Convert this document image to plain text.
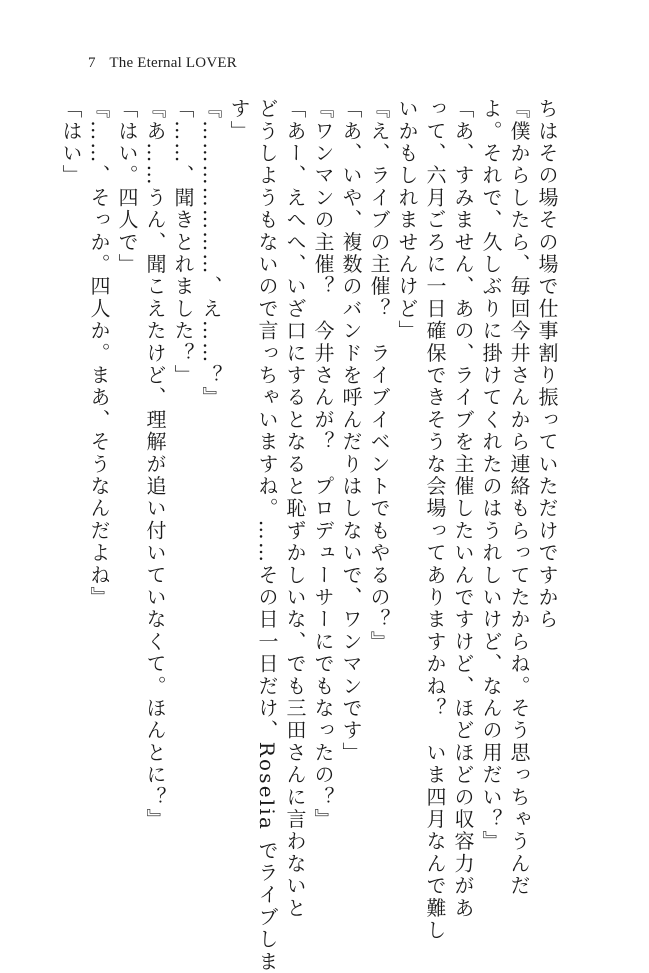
7 The Eternal LOVER

ちはその場その場で仕事割り振っていただけですから

『僕からしたら、毎回今井さんから連絡もらってたからね。そう思っちゃうんだ

よ。それで、久しぶりに掛けてくれたのはうれしいけど、なんの用だい？』

「あ、すみません、あの、ライブを主催したいんですけど、ほどほどの収容力があ

って、六月ごろに一日確保できそうな会場ってありますかね？　いま四月なんで難し

いかもしれませんけど」

『え、ライブの主催？　ライブイベントでもやるの？』

「あ、いや、複数のバンドを呼んだりはしないで、ワンマンです」

『ワンマンの主催？　今井さんが？　プロデューサーにでもなったの？』

「あー、えへへ、いざ口にするとなると恥ずかしいな、でも三田さんに言わないと

どうしようもないので言っちゃいますね。……その日一日だけ、Roselia でライブしま

す」

『…………………、え……？』

「……、聞きとれました？」

『あ……うん、聞こえたけど、理解が追い付いていなくて。ほんとに？』

「はい。四人で」

『……、そっか。四人か。まあ、そうなんだよね』

「はい」
